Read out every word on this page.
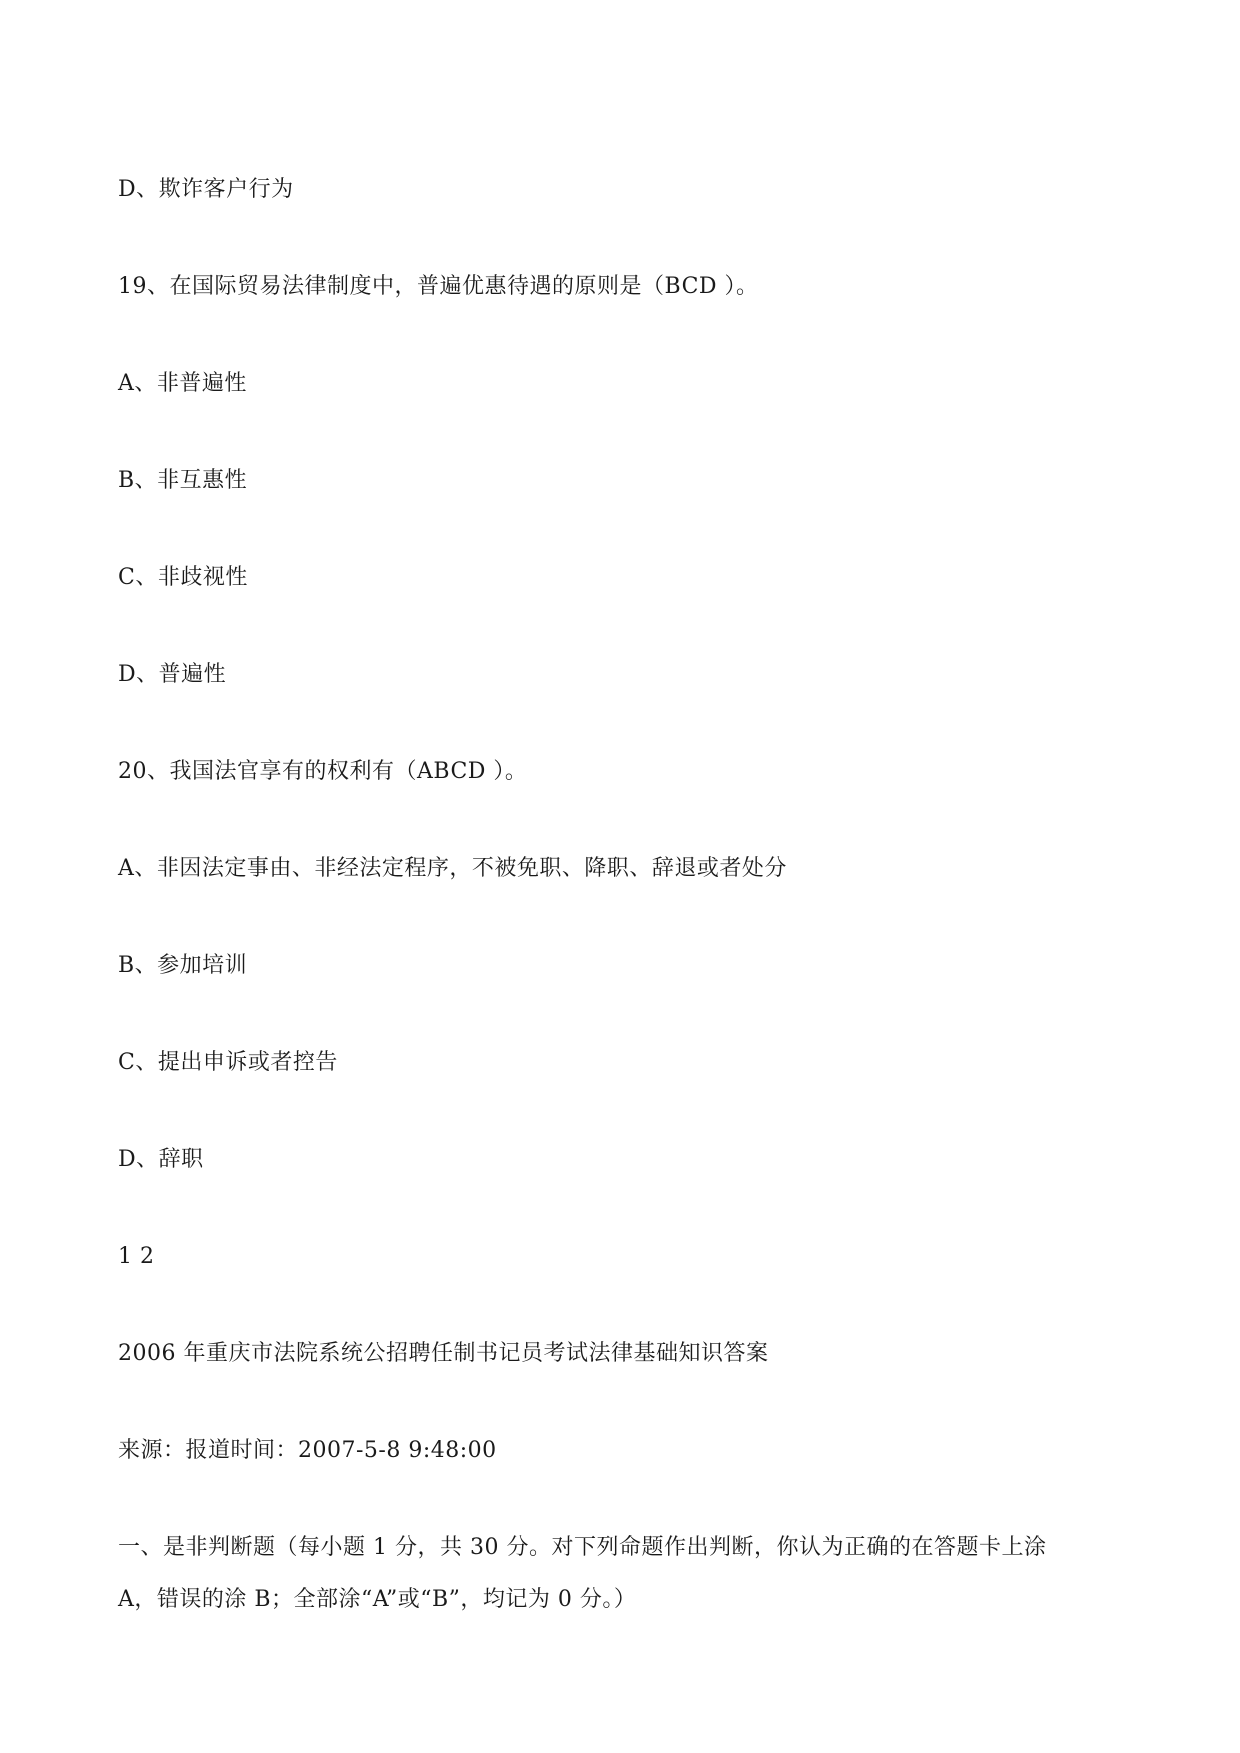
D、欺诈客户行为
19、在国际贸易法律制度中，普遍优惠待遇的原则是（BCD ）。
A、非普遍性
B、非互惠性
C、非歧视性
D、普遍性
20、我国法官享有的权利有（ABCD ）。
A、非因法定事由、非经法定程序，不被免职、降职、辞退或者处分
B、参加培训
C、提出申诉或者控告
D、辞职
1 2
2006 年重庆市法院系统公招聘任制书记员考试法律基础知识答案
来源：报道时间：2007-5-8 9:48:00
一、是非判断题（每小题 1 分，共 30 分。对下列命题作出判断，你认为正确的在答题卡上涂
A，错误的涂 B；全部涂“A”或“B”，均记为 0 分。）
